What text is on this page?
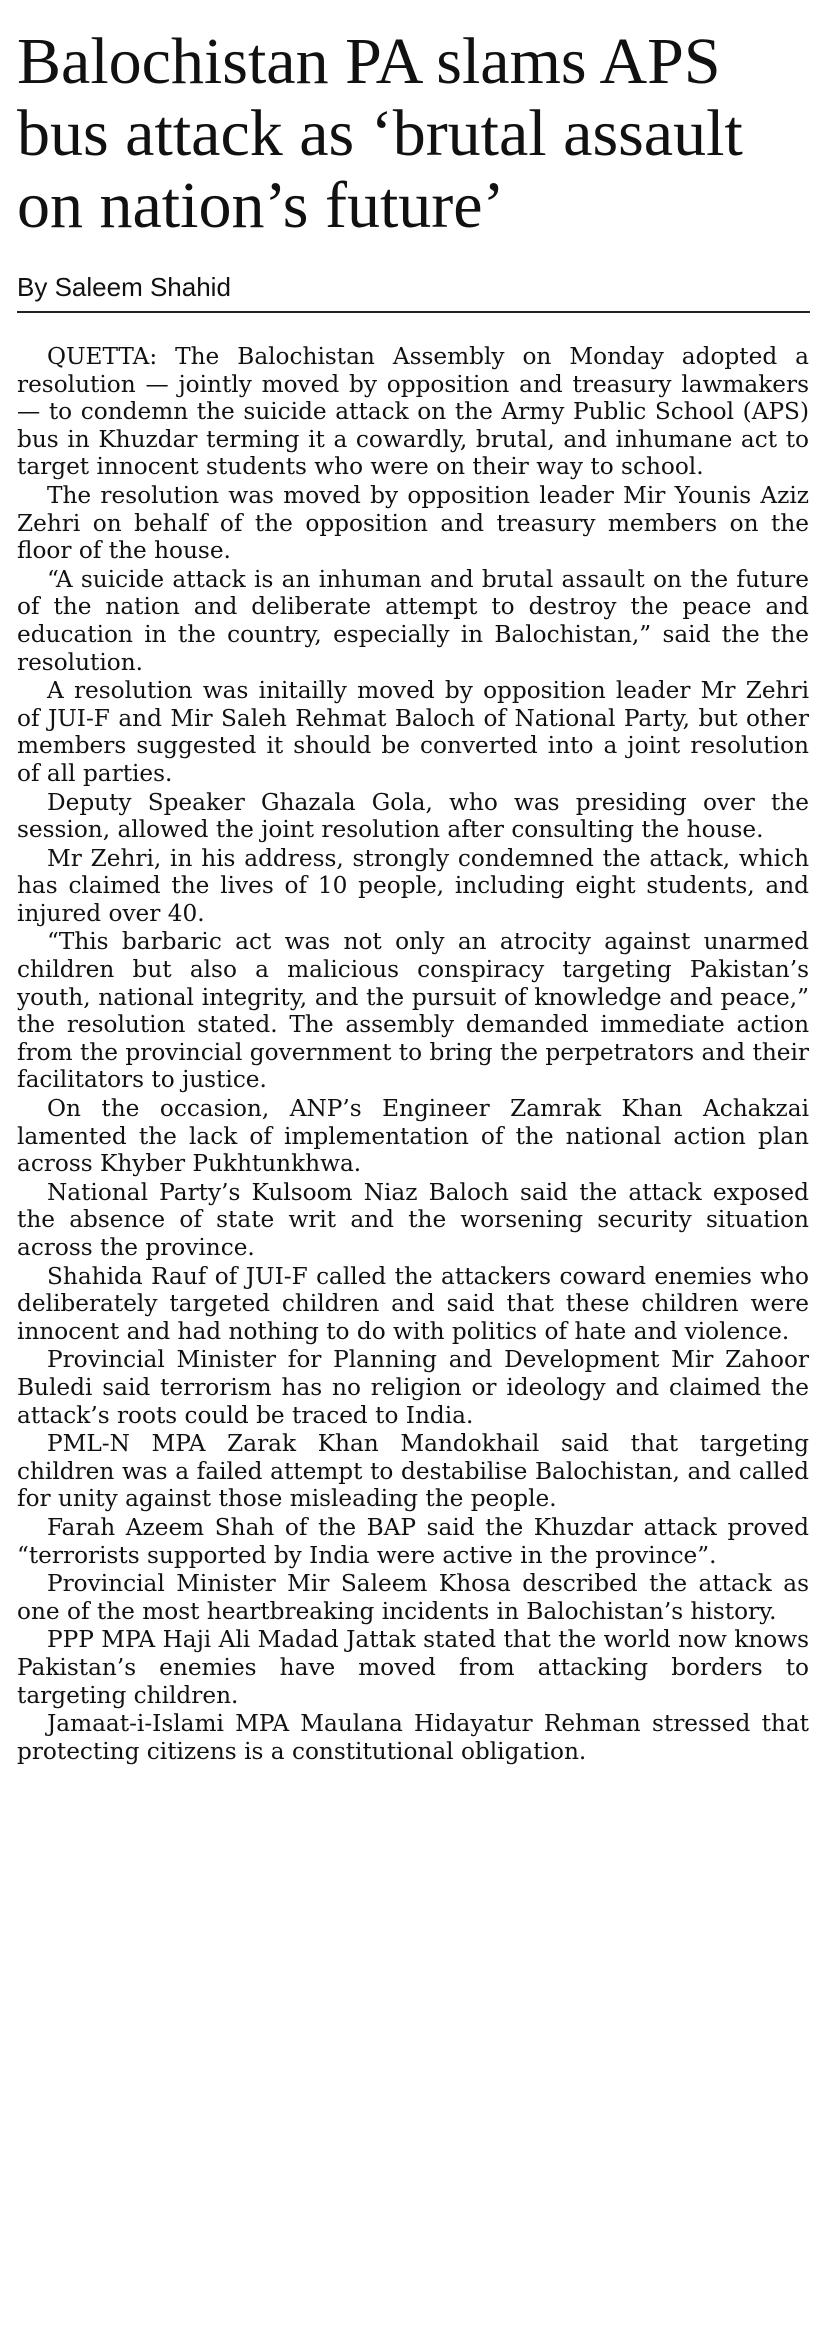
Balochistan PA slams APS bus attack as ‘brutal assault on nation’s future’
By Saleem Shahid

QUETTA: The Balochistan Assembly on Monday adopted a resolution — jointly moved by opposition and treasury lawmakers — to condemn the suicide attack on the Army Public School (APS) bus in Khuzdar terming it a cowardly, brutal, and inhumane act to target innocent students who were on their way to school.

The resolution was moved by opposition leader Mir Younis Aziz Zehri on behalf of the opposition and treasury members on the floor of the house.

“A suicide attack is an inhuman and brutal assault on the future of the nation and deliberate attempt to destroy the peace and education in the country, especially in Balochistan,” said the the resolution.

A resolution was initailly moved by opposition leader Mr Zehri of JUI-F and Mir Saleh Rehmat Baloch of National Party, but other members suggested it should be converted into a joint resolution of all parties.

Deputy Speaker Ghazala Gola, who was presiding over the session, allowed the joint resolution after consulting the house.

Mr Zehri, in his address, strongly condemned the attack, which has claimed the lives of 10 people, including eight students, and injured over 40.

“This barbaric act was not only an atrocity against unarmed children but also a malicious conspiracy targeting Pakistan’s youth, national integrity, and the pursuit of knowledge and peace,” the resolution stated. The assembly demanded immediate action from the provincial government to bring the perpetrators and their facilitators to justice.

On the occasion, ANP’s Engineer Zamrak Khan Achakzai lamented the lack of implementation of the national action plan across Khyber Pukhtunkhwa.

National Party’s Kulsoom Niaz Baloch said the attack exposed the absence of state writ and the worsening security situation across the province.

Shahida Rauf of JUI-F called the attackers coward enemies who deliberately targeted children and said that these children were innocent and had nothing to do with politics of hate and violence.

Provincial Minister for Planning and Development Mir Zahoor Buledi said terrorism has no religion or ideology and claimed the attack’s roots could be traced to India.

PML-N MPA Zarak Khan Mandokhail said that targeting children was a failed attempt to destabilise Balochistan, and called for unity against those misleading the people.

Farah Azeem Shah of the BAP said the Khuzdar attack proved “terrorists supported by India were active in the province”.

Provincial Minister Mir Saleem Khosa described the attack as one of the most heartbreaking incidents in Balochistan’s history.

PPP MPA Haji Ali Madad Jattak stated that the world now knows Pakistan’s enemies have moved from attacking borders to targeting children.

Jamaat-i-Islami MPA Maulana Hidayatur Rehman stressed that protecting citizens is a constitutional obligation.
